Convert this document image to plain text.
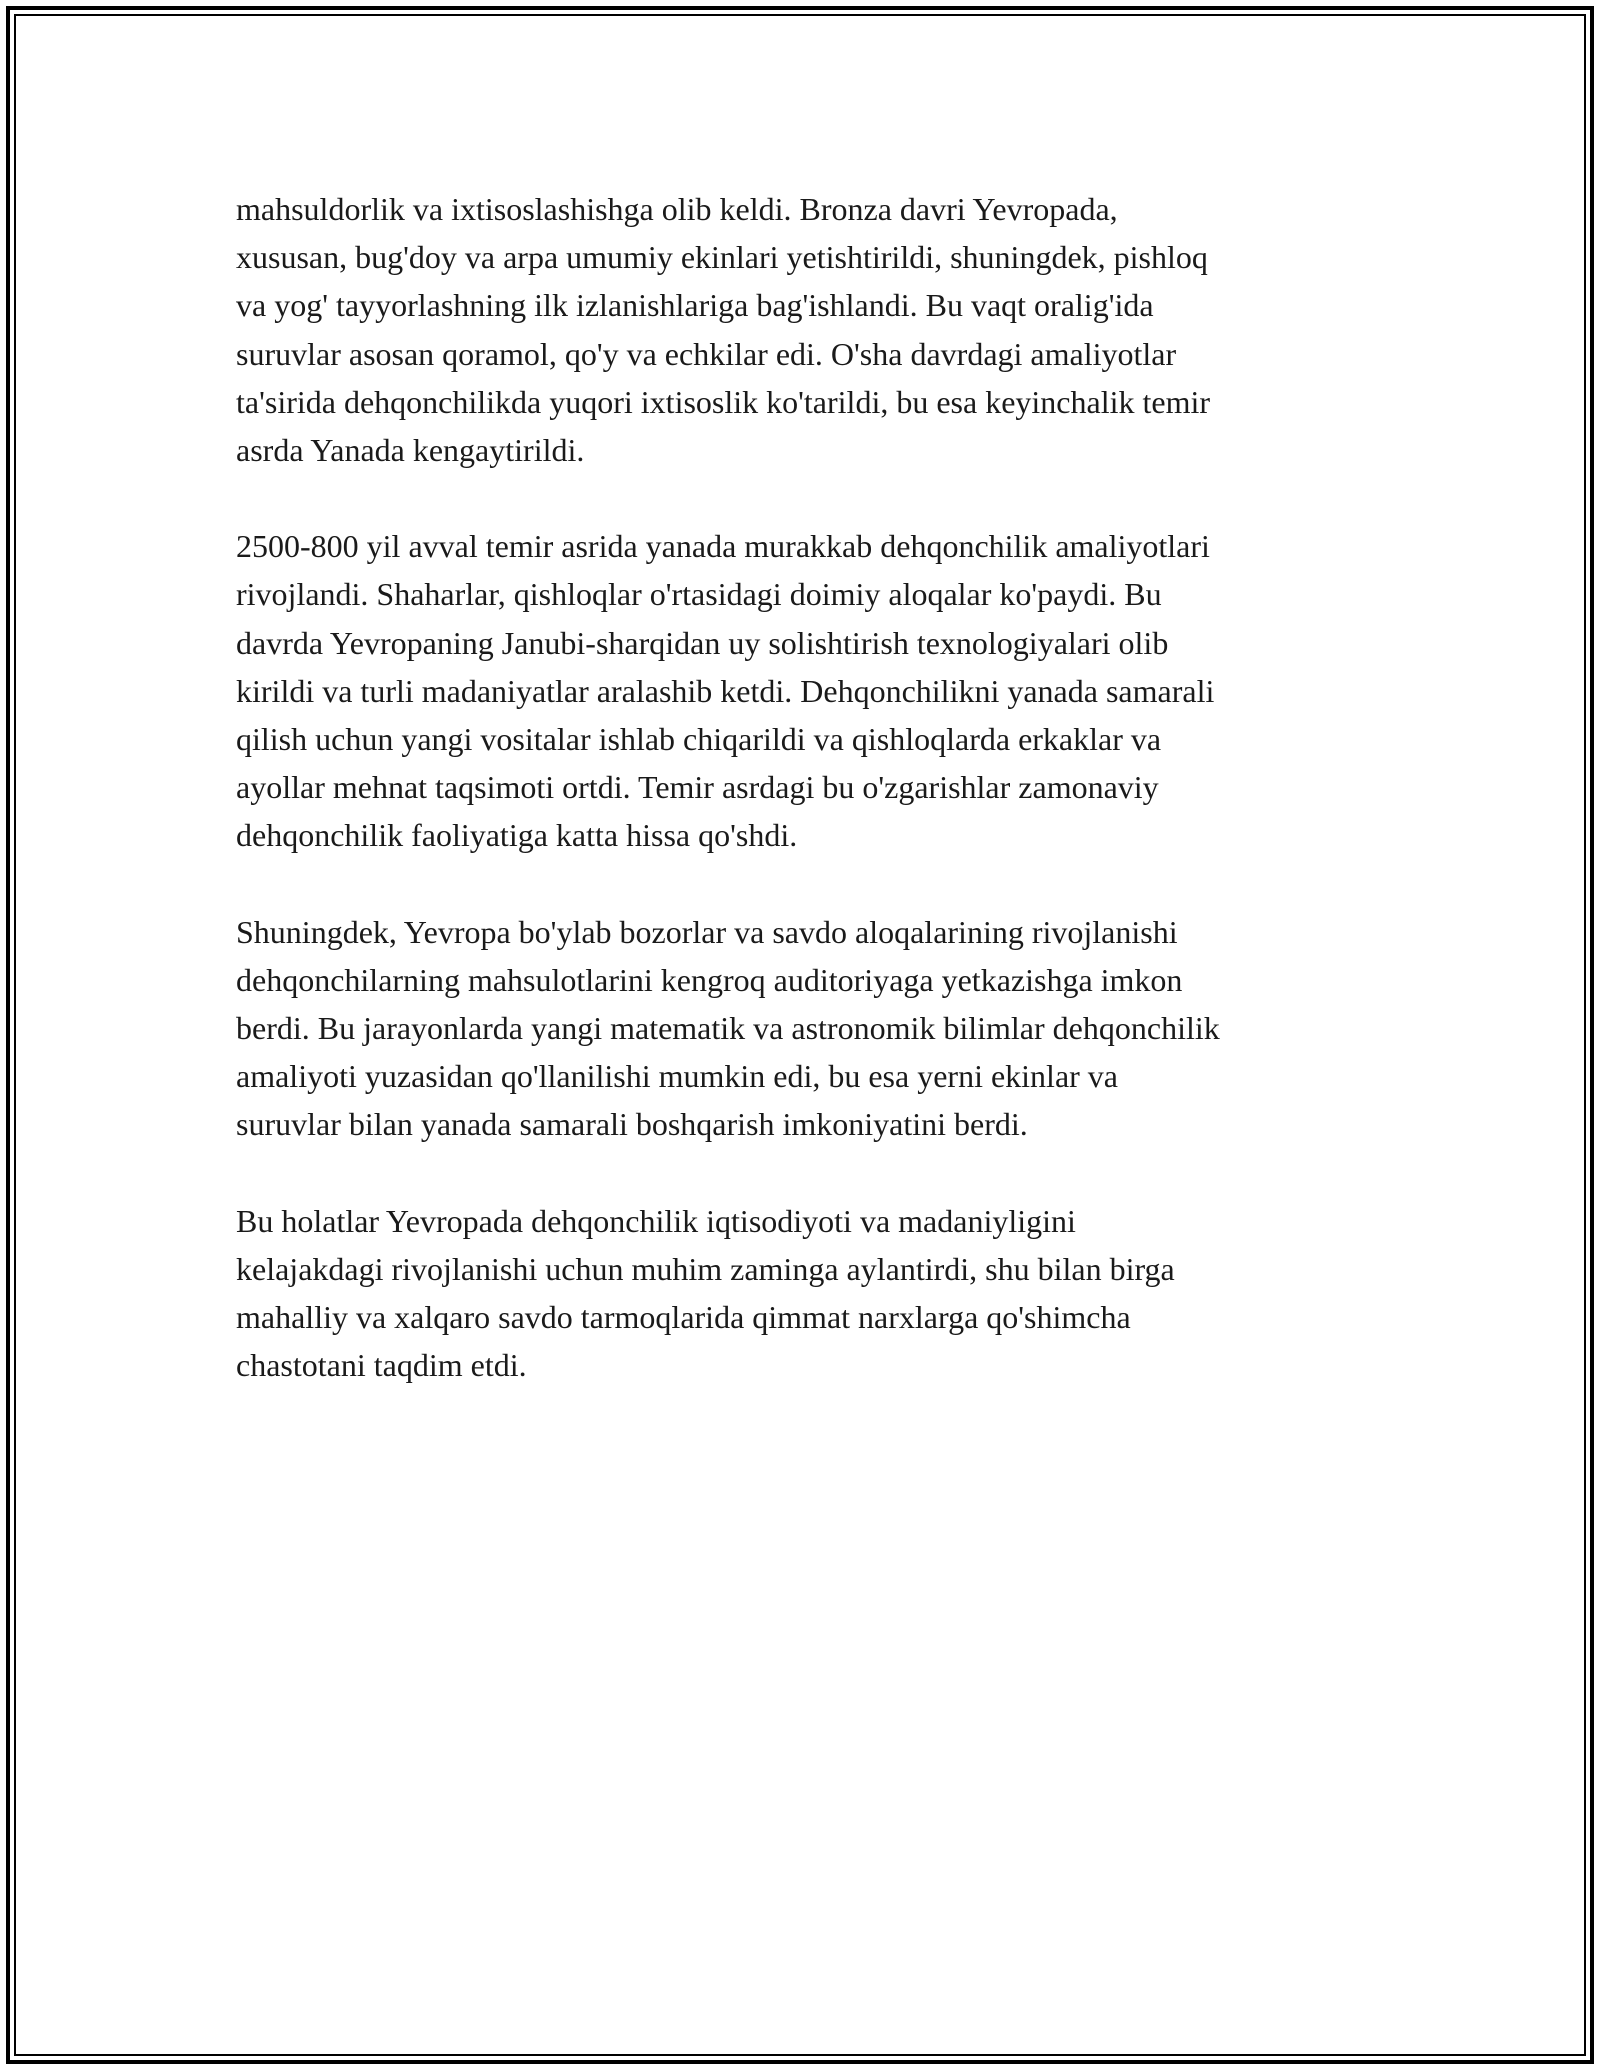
mahsuldorlik va ixtisoslashishga olib keldi. Bronza davri Yevropada,
xususan, bug'doy va arpa umumiy ekinlari yetishtirildi, shuningdek, pishloq
va yog' tayyorlashning ilk izlanishlariga bag'ishlandi. Bu vaqt oralig'ida
suruvlar asosan qoramol, qo'y va echkilar edi. O'sha davrdagi amaliyotlar
ta'sirida dehqonchilikda yuqori ixtisoslik ko'tarildi, bu esa keyinchalik temir
asrda Yanada kengaytirildi.

2500-800 yil avval temir asrida yanada murakkab dehqonchilik amaliyotlari
rivojlandi. Shaharlar, qishloqlar o'rtasidagi doimiy aloqalar ko'paydi. Bu
davrda Yevropaning Janubi-sharqidan uy solishtirish texnologiyalari olib
kirildi va turli madaniyatlar aralashib ketdi. Dehqonchilikni yanada samarali
qilish uchun yangi vositalar ishlab chiqarildi va qishloqlarda erkaklar va
ayollar mehnat taqsimoti ortdi. Temir asrdagi bu o'zgarishlar zamonaviy
dehqonchilik faoliyatiga katta hissa qo'shdi.

Shuningdek, Yevropa bo'ylab bozorlar va savdo aloqalarining rivojlanishi
dehqonchilarning mahsulotlarini kengroq auditoriyaga yetkazishga imkon
berdi. Bu jarayonlarda yangi matematik va astronomik bilimlar dehqonchilik
amaliyoti yuzasidan qo'llanilishi mumkin edi, bu esa yerni ekinlar va
suruvlar bilan yanada samarali boshqarish imkoniyatini berdi.

Bu holatlar Yevropada dehqonchilik iqtisodiyoti va madaniyligini
kelajakdagi rivojlanishi uchun muhim zaminga aylantirdi, shu bilan birga
mahalliy va xalqaro savdo tarmoqlarida qimmat narxlarga qo'shimcha
chastotani taqdim etdi.
